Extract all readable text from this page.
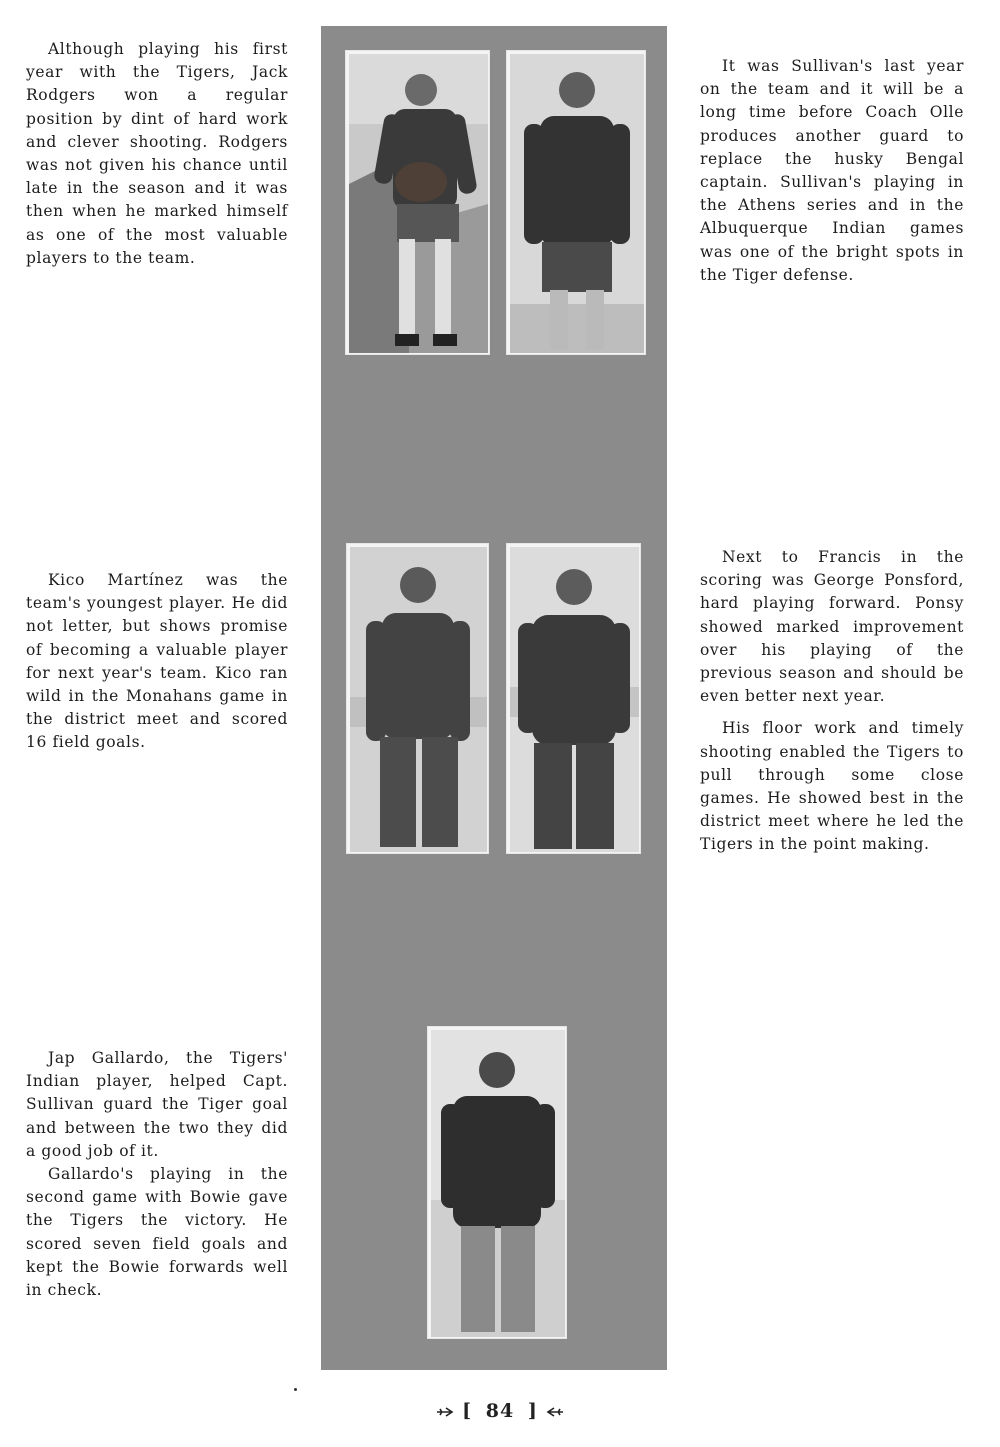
Although playing his first year with the Tigers, Jack Rodgers won a regular position by dint of hard work and clever shooting. Rodgers was not given his chance until late in the season and it was then when he marked himself as one of the most valuable players to the team.

Kico Martínez was the team's youngest player. He did not letter, but shows promise of becoming a valuable player for next year's team. Kico ran wild in the Monahans game in the district meet and scored 16 field goals.

Jap Gallardo, the Tigers' Indian player, helped Capt. Sullivan guard the Tiger goal and between the two they did a good job of it.

Gallardo's playing in the second game with Bowie gave the Tigers the victory. He scored seven field goals and kept the Bowie forwards well in check.

It was Sullivan's last year on the team and it will be a long time before Coach Olle produces another guard to replace the husky Bengal captain. Sullivan's playing in the Athens series and in the Albuquerque Indian games was one of the bright spots in the Tiger defense.

Next to Francis in the scoring was George Ponsford, hard playing forward. Ponsy showed marked improvement over his playing of the previous season and should be even better next year.

His floor work and timely shooting enabled the Tigers to pull through some close games. He showed best in the district meet where he led the Tigers in the point making.

[ 84 ]
